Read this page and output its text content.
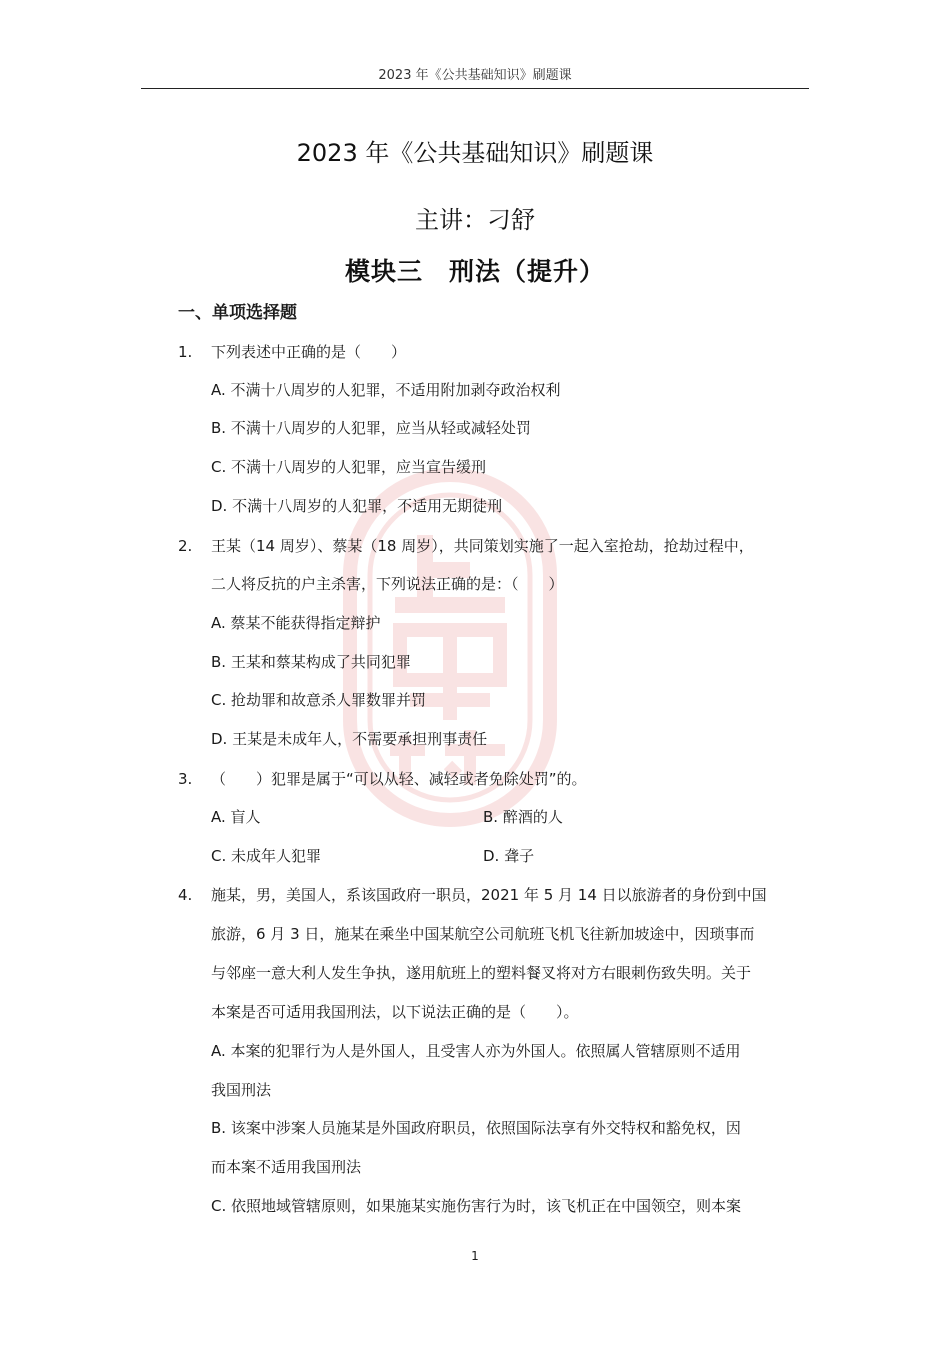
2023 年《公共基础知识》刷题课
2023 年《公共基础知识》刷题课
主讲：刁舒
模块三　刑法（提升）
一、单项选择题
1. 下列表述中正确的是（　　）
A. 不满十八周岁的人犯罪，不适用附加剥夺政治权利
B. 不满十八周岁的人犯罪，应当从轻或减轻处罚
C. 不满十八周岁的人犯罪，应当宣告缓刑
D. 不满十八周岁的人犯罪，不适用无期徒刑
2. 王某（14 周岁）、蔡某（18 周岁），共同策划实施了一起入室抢劫，抢劫过程中，
二人将反抗的户主杀害，下列说法正确的是：（　　）
A. 蔡某不能获得指定辩护
B. 王某和蔡某构成了共同犯罪
C. 抢劫罪和故意杀人罪数罪并罚
D. 王某是未成年人，不需要承担刑事责任
3. （　　）犯罪是属于“可以从轻、减轻或者免除处罚”的。
A. 盲人	B. 醉酒的人
C. 未成年人犯罪	D. 聋子
4. 施某，男，美国人，系该国政府一职员，2021 年 5 月 14 日以旅游者的身份到中国
旅游，6 月 3 日，施某在乘坐中国某航空公司航班飞机飞往新加坡途中，因琐事而
与邻座一意大利人发生争执，遂用航班上的塑料餐叉将对方右眼刺伤致失明。关于
本案是否可适用我国刑法，以下说法正确的是（　　）。
A. 本案的犯罪行为人是外国人，且受害人亦为外国人。依照属人管辖原则不适用
我国刑法
B. 该案中涉案人员施某是外国政府职员，依照国际法享有外交特权和豁免权，因
而本案不适用我国刑法
C. 依照地域管辖原则，如果施某实施伤害行为时，该飞机正在中国领空，则本案
1
